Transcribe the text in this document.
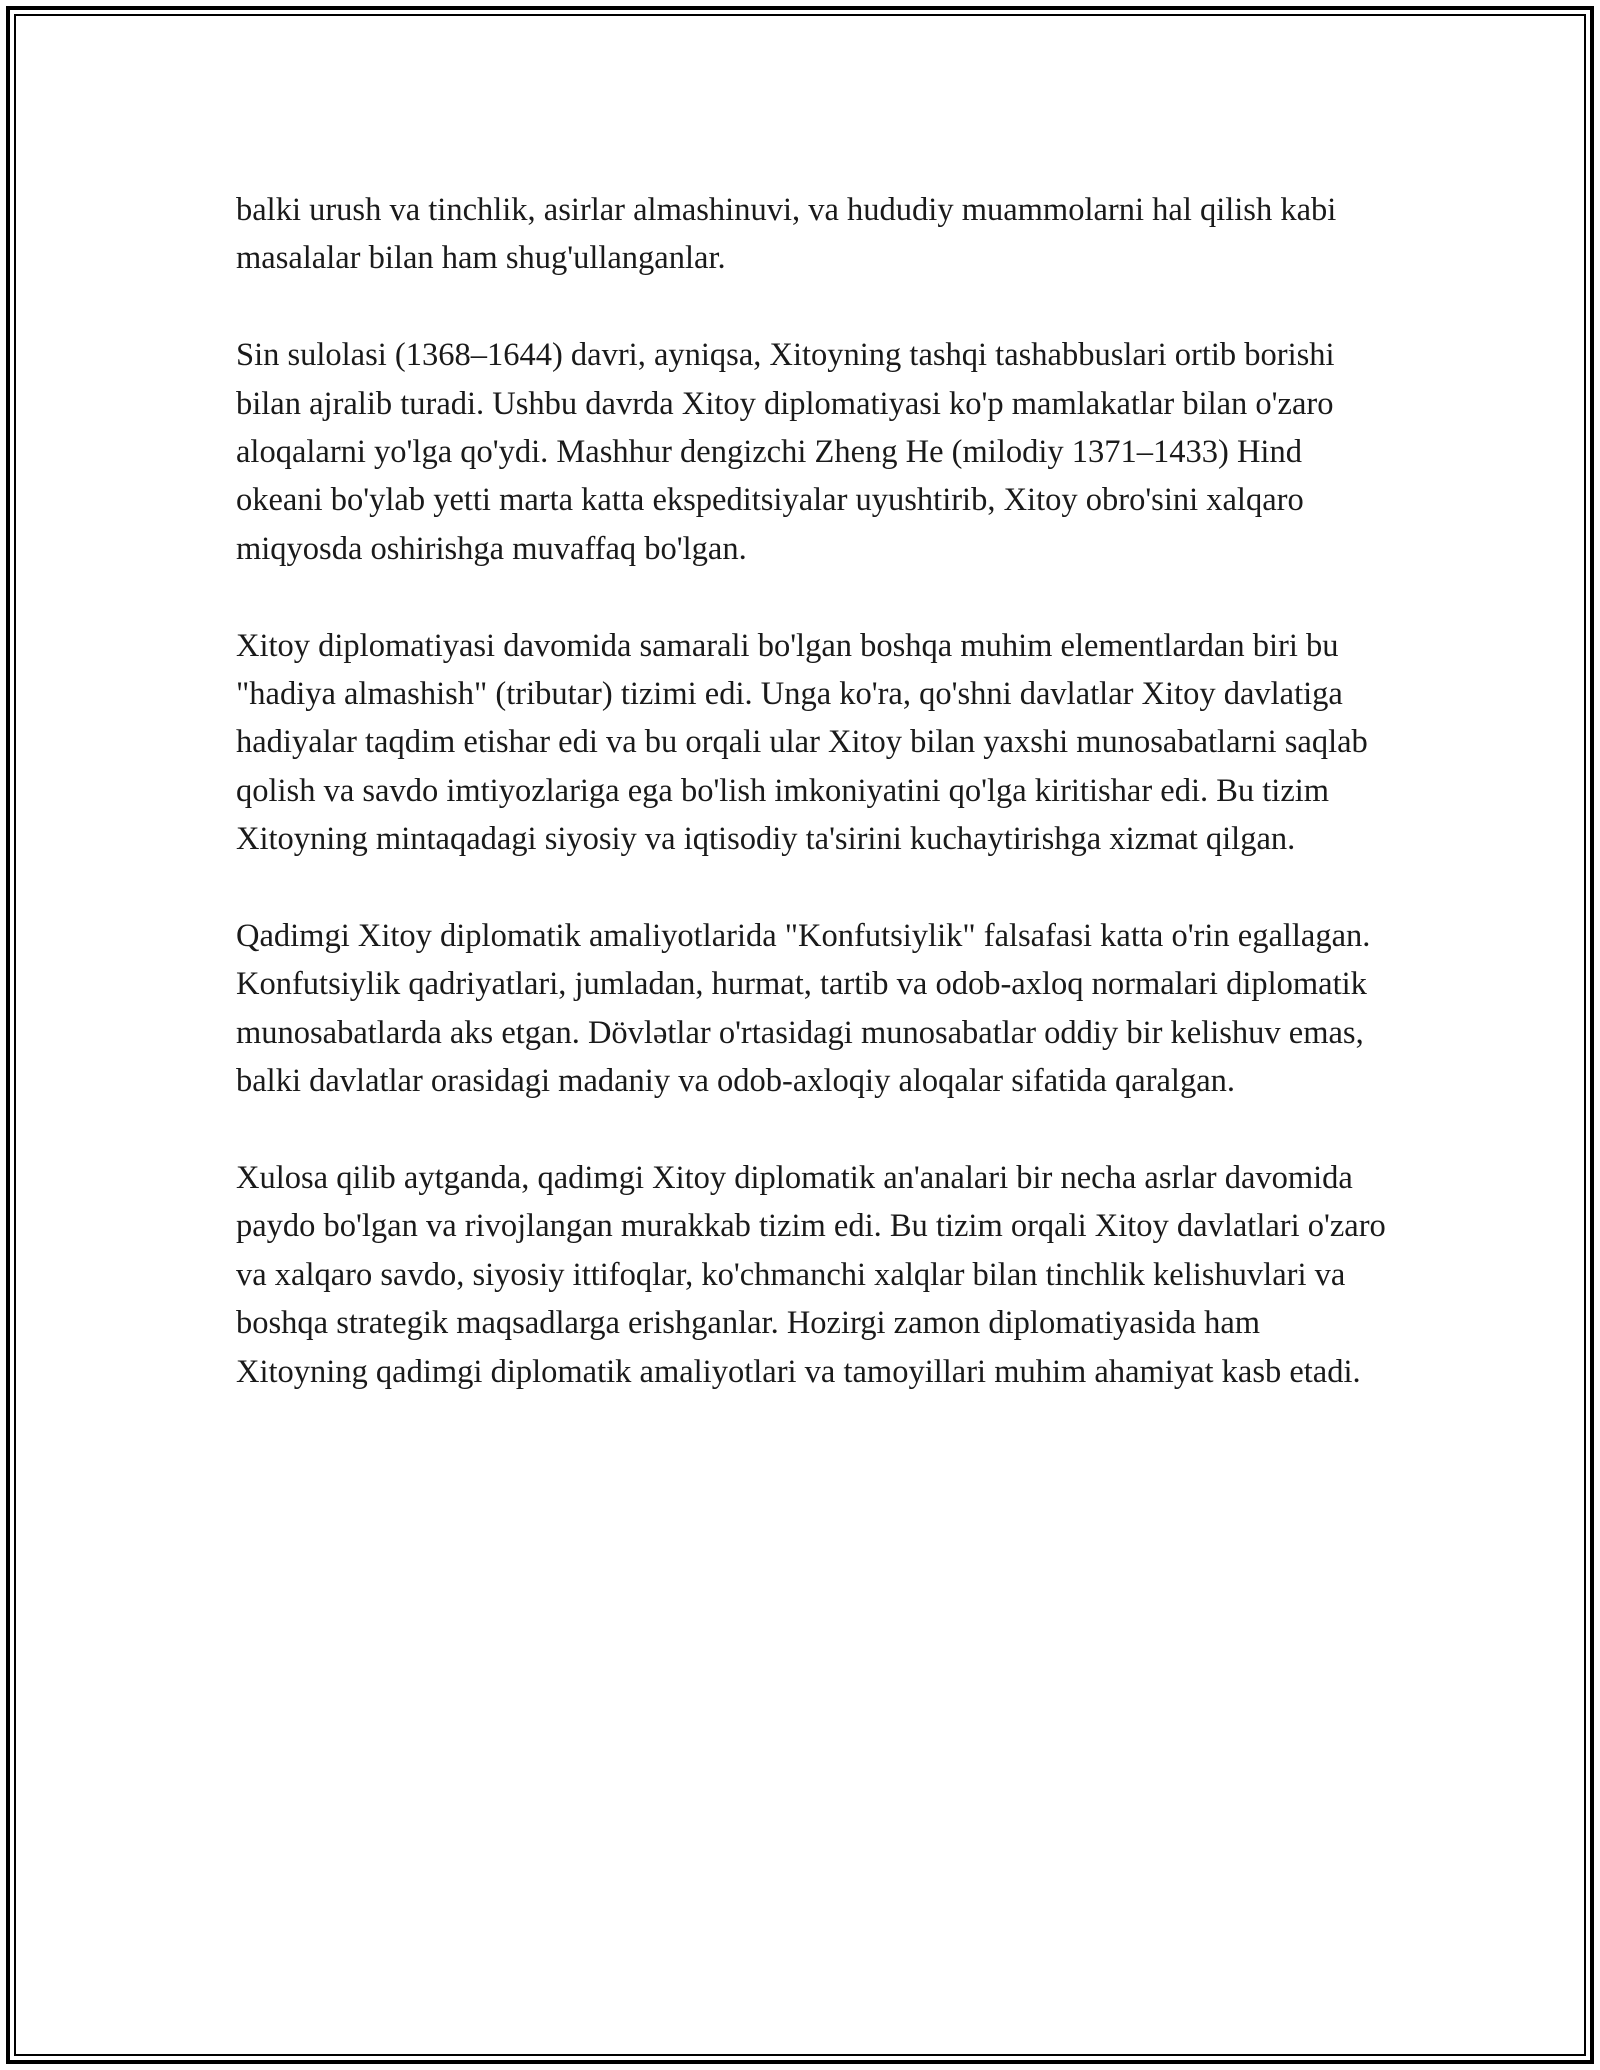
balki urush va tinchlik, asirlar almashinuvi, va hududiy muammolarni hal qilish kabi masalalar bilan ham shug'ullanganlar.

Sin sulolasi (1368–1644) davri, ayniqsa, Xitoyning tashqi tashabbuslari ortib borishi bilan ajralib turadi. Ushbu davrda Xitoy diplomatiyasi ko'p mamlakatlar bilan o'zaro aloqalarni yo'lga qo'ydi. Mashhur dengizchi Zheng He (milodiy 1371–1433) Hind okeani bo'ylab yetti marta katta ekspeditsiyalar uyushtirib, Xitoy obro'sini xalqaro miqyosda oshirishga muvaffaq bo'lgan.

Xitoy diplomatiyasi davomida samarali bo'lgan boshqa muhim elementlardan biri bu "hadiya almashish" (tributar) tizimi edi. Unga ko'ra, qo'shni davlatlar Xitoy davlatiga hadiyalar taqdim etishar edi va bu orqali ular Xitoy bilan yaxshi munosabatlarni saqlab qolish va savdo imtiyozlariga ega bo'lish imkoniyatini qo'lga kiritishar edi. Bu tizim Xitoyning mintaqadagi siyosiy va iqtisodiy ta'sirini kuchaytirishga xizmat qilgan.

Qadimgi Xitoy diplomatik amaliyotlarida "Konfutsiylik" falsafasi katta o'rin egallagan. Konfutsiylik qadriyatlari, jumladan, hurmat, tartib va odob-axloq normalari diplomatik munosabatlarda aks etgan. Dövlətlar o'rtasidagi munosabatlar oddiy bir kelishuv emas, balki davlatlar orasidagi madaniy va odob-axloqiy aloqalar sifatida qaralgan.

Xulosa qilib aytganda, qadimgi Xitoy diplomatik an'analari bir necha asrlar davomida paydo bo'lgan va rivojlangan murakkab tizim edi. Bu tizim orqali Xitoy davlatlari o'zaro va xalqaro savdo, siyosiy ittifoqlar, ko'chmanchi xalqlar bilan tinchlik kelishuvlari va boshqa strategik maqsadlarga erishganlar. Hozirgi zamon diplomatiyasida ham Xitoyning qadimgi diplomatik amaliyotlari va tamoyillari muhim ahamiyat kasb etadi.
